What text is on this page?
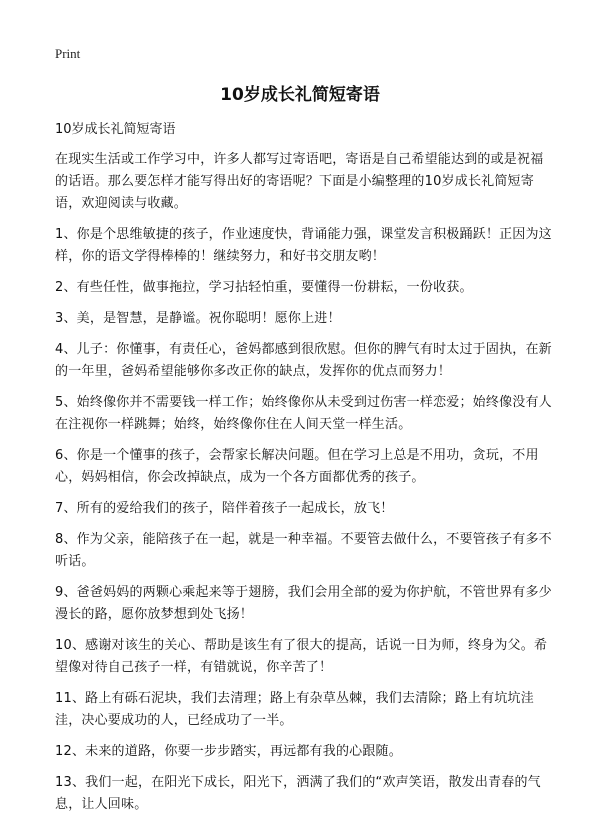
Print
10岁成长礼简短寄语

10岁成长礼简短寄语

在现实生活或工作学习中，许多人都写过寄语吧，寄语是自己希望能达到的或是祝福的话语。那么要怎样才能写得出好的寄语呢？下面是小编整理的10岁成长礼简短寄语，欢迎阅读与收藏。

1、你是个思维敏捷的孩子，作业速度快，背诵能力强，课堂发言积极踊跃！正因为这样，你的语文学得棒棒的！继续努力，和好书交朋友哟！

2、有些任性，做事拖拉，学习拈轻怕重，要懂得一份耕耘，一份收获。

3、美，是智慧，是静谧。祝你聪明！愿你上进！

4、儿子：你懂事，有责任心，爸妈都感到很欣慰。但你的脾气有时太过于固执，在新的一年里，爸妈希望能够你多改正你的缺点，发挥你的优点而努力！

5、始终像你并不需要钱一样工作；始终像你从未受到过伤害一样恋爱；始终像没有人在注视你一样跳舞；始终，始终像你住在人间天堂一样生活。

6、你是一个懂事的孩子，会帮家长解决问题。但在学习上总是不用功，贪玩，不用心，妈妈相信，你会改掉缺点，成为一个各方面都优秀的孩子。

7、所有的爱给我们的孩子，陪伴着孩子一起成长，放飞！

8、作为父亲，能陪孩子在一起，就是一种幸福。不要管去做什么，不要管孩子有多不听话。

9、爸爸妈妈的两颗心乘起来等于翅膀，我们会用全部的爱为你护航，不管世界有多少漫长的路，愿你放梦想到处飞扬！

10、感谢对该生的关心、帮助是该生有了很大的提高，话说一日为师，终身为父。希望像对待自己孩子一样，有错就说，你辛苦了！

11、路上有砾石泥块，我们去清理；路上有杂草丛棘，我们去清除；路上有坑坑洼洼，决心要成功的人，已经成功了一半。

12、未来的道路，你要一步步踏实，再远都有我的心跟随。

13、我们一起，在阳光下成长，阳光下，洒满了我们的“欢声笑语，散发出青春的气息，让人回味。
